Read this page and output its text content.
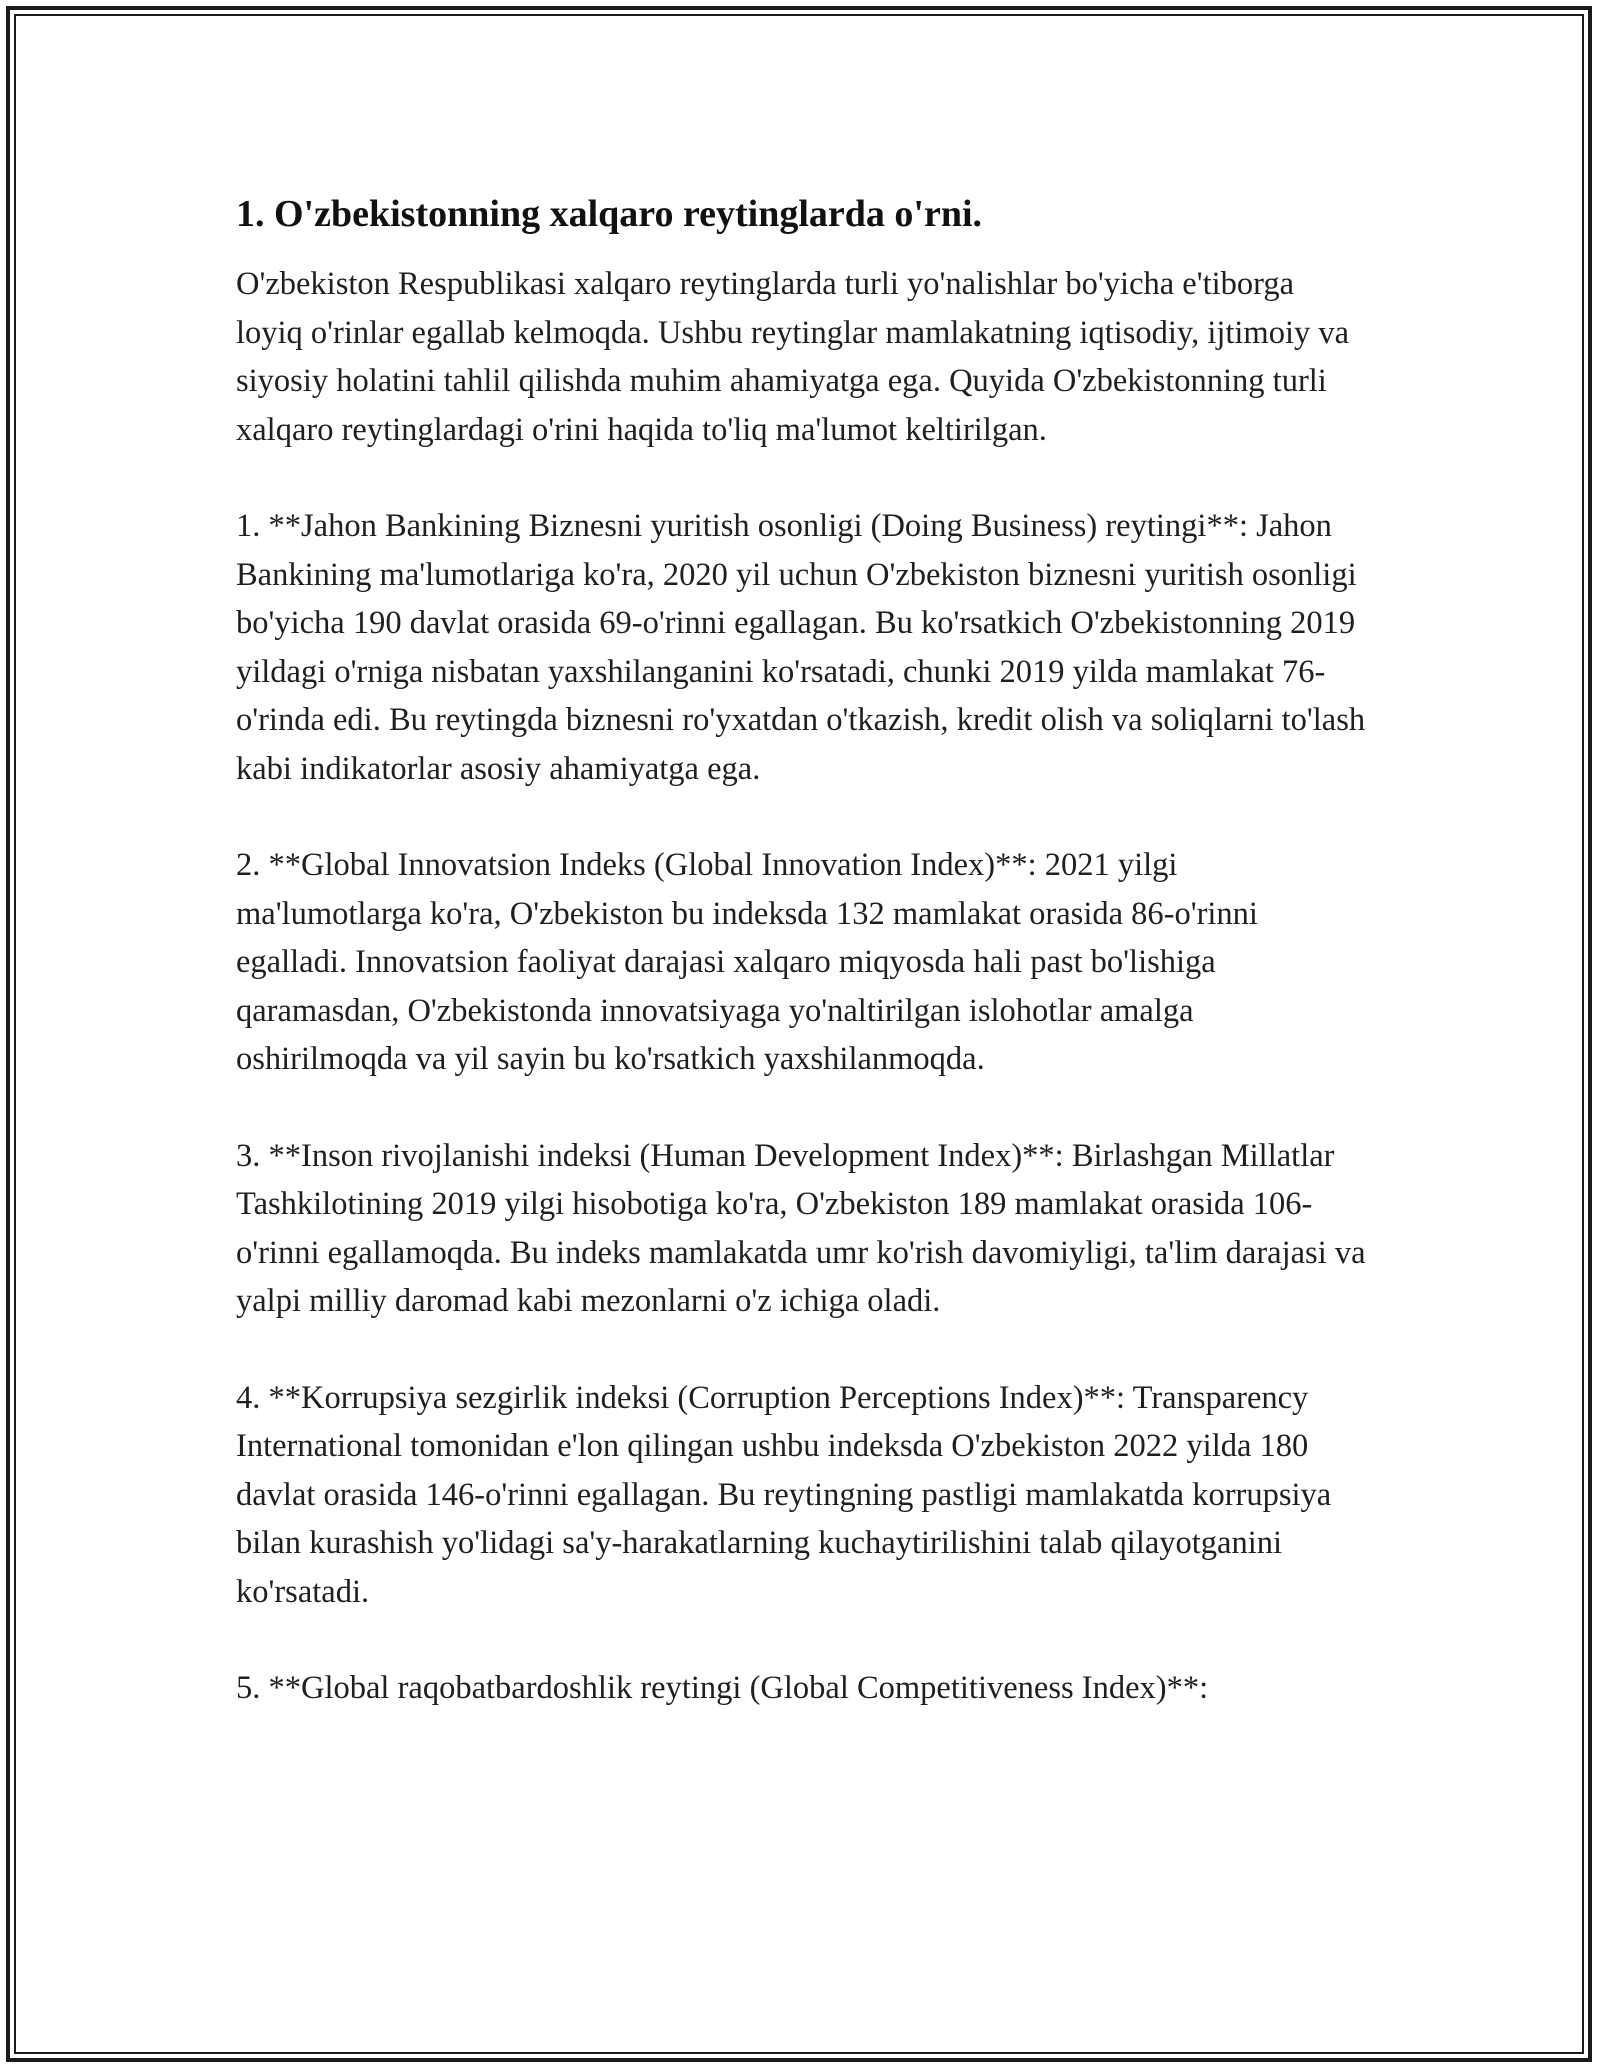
1. O'zbekistonning xalqaro reytinglarda o'rni.

O'zbekiston Respublikasi xalqaro reytinglarda turli yo'nalishlar bo'yicha e'tiborga loyiq o'rinlar egallab kelmoqda. Ushbu reytinglar mamlakatning iqtisodiy, ijtimoiy va siyosiy holatini tahlil qilishda muhim ahamiyatga ega. Quyida O'zbekistonning turli xalqaro reytinglardagi o'rini haqida to'liq ma'lumot keltirilgan.

1. **Jahon Bankining Biznesni yuritish osonligi (Doing Business) reytingi**: Jahon Bankining ma'lumotlariga ko'ra, 2020 yil uchun O'zbekiston biznesni yuritish osonligi bo'yicha 190 davlat orasida 69-o'rinni egallagan. Bu ko'rsatkich O'zbekistonning 2019 yildagi o'rniga nisbatan yaxshilanganini ko'rsatadi, chunki 2019 yilda mamlakat 76-o'rinda edi. Bu reytingda biznesni ro'yxatdan o'tkazish, kredit olish va soliqlarni to'lash kabi indikatorlar asosiy ahamiyatga ega.

2. **Global Innovatsion Indeks (Global Innovation Index)**: 2021 yilgi ma'lumotlarga ko'ra, O'zbekiston bu indeksda 132 mamlakat orasida 86-o'rinni egalladi. Innovatsion faoliyat darajasi xalqaro miqyosda hali past bo'lishiga qaramasdan, O'zbekistonda innovatsiyaga yo'naltirilgan islohotlar amalga oshirilmoqda va yil sayin bu ko'rsatkich yaxshilanmoqda.

3. **Inson rivojlanishi indeksi (Human Development Index)**: Birlashgan Millatlar Tashkilotining 2019 yilgi hisobotiga ko'ra, O'zbekiston 189 mamlakat orasida 106-o'rinni egallamoqda. Bu indeks mamlakatda umr ko'rish davomiyligi, ta'lim darajasi va yalpi milliy daromad kabi mezonlarni o'z ichiga oladi.

4. **Korrupsiya sezgirlik indeksi (Corruption Perceptions Index)**: Transparency International tomonidan e'lon qilingan ushbu indeksda O'zbekiston 2022 yilda 180 davlat orasida 146-o'rinni egallagan. Bu reytingning pastligi mamlakatda korrupsiya bilan kurashish yo'lidagi sa'y-harakatlarning kuchaytirilishini talab qilayotganini ko'rsatadi.

5. **Global raqobatbardoshlik reytingi (Global Competitiveness Index)**:
